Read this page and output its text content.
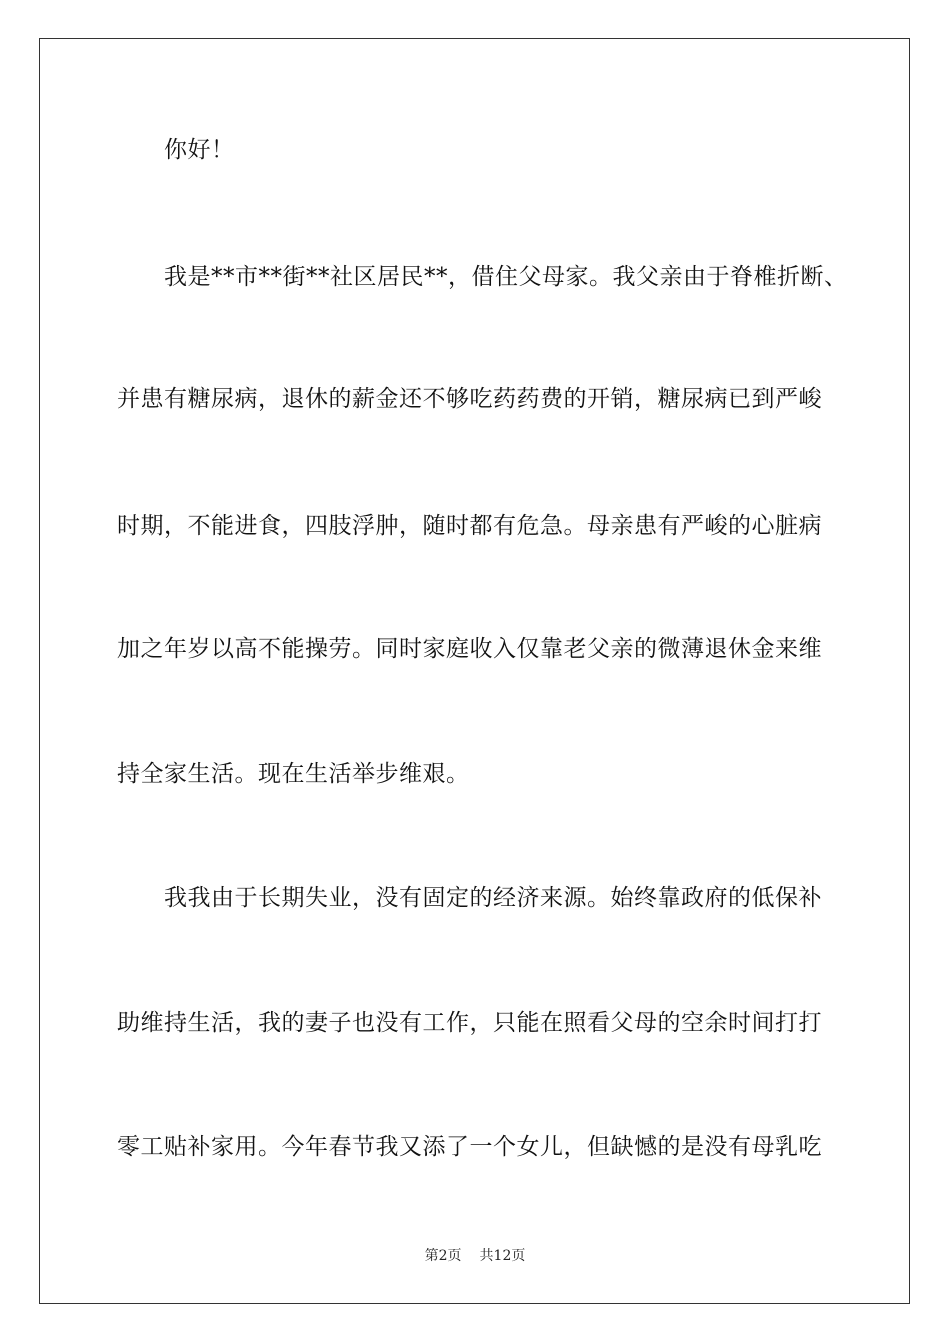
你好！
我是**市**街**社区居民**，借住父母家。我父亲由于脊椎折断、
并患有糖尿病，退休的薪金还不够吃药药费的开销，糖尿病已到严峻
时期，不能进食，四肢浮肿，随时都有危急。母亲患有严峻的心脏病
加之年岁以高不能操劳。同时家庭收入仅靠老父亲的微薄退休金来维
持全家生活。现在生活举步维艰。
我我由于长期失业，没有固定的经济来源。始终靠政府的低保补
助维持生活，我的妻子也没有工作，只能在照看父母的空余时间打打
零工贴补家用。今年春节我又添了一个女儿，但缺憾的是没有母乳吃
第2页 共12页
